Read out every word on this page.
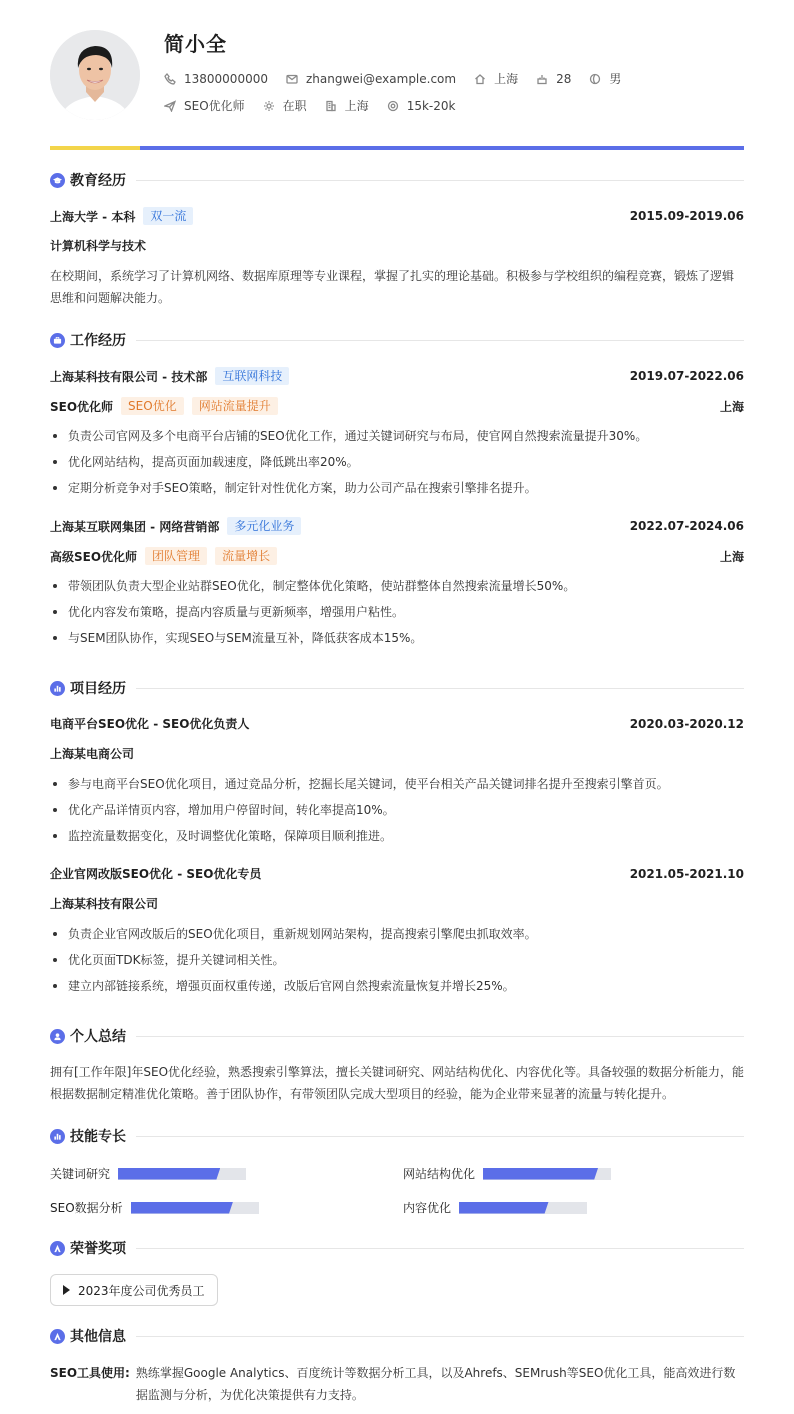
简小全
13800000000	zhangwei@example.com	上海	28	男
SEO优化师	在职	上海	15k-20k
教育经历
上海大学 - 本科	双一流	2015.09-2019.06
计算机科学与技术
在校期间，系统学习了计算机网络、数据库原理等专业课程，掌握了扎实的理论基础。积极参与学校组织的编程竞赛，锻炼了逻辑思维和问题解决能力。
工作经历
上海某科技有限公司 - 技术部	互联网科技	2019.07-2022.06
SEO优化师	SEO优化	网站流量提升	上海
负责公司官网及多个电商平台店铺的SEO优化工作，通过关键词研究与布局，使官网自然搜索流量提升30%。
优化网站结构，提高页面加载速度，降低跳出率20%。
定期分析竞争对手SEO策略，制定针对性优化方案，助力公司产品在搜索引擎排名提升。
上海某互联网集团 - 网络营销部	多元化业务	2022.07-2024.06
高级SEO优化师	团队管理	流量增长	上海
带领团队负责大型企业站群SEO优化，制定整体优化策略，使站群整体自然搜索流量增长50%。
优化内容发布策略，提高内容质量与更新频率，增强用户粘性。
与SEM团队协作，实现SEO与SEM流量互补，降低获客成本15%。
项目经历
电商平台SEO优化 - SEO优化负责人	2020.03-2020.12
上海某电商公司
参与电商平台SEO优化项目，通过竞品分析，挖掘长尾关键词，使平台相关产品关键词排名提升至搜索引擎首页。
优化产品详情页内容，增加用户停留时间，转化率提高10%。
监控流量数据变化，及时调整优化策略，保障项目顺利推进。
企业官网改版SEO优化 - SEO优化专员	2021.05-2021.10
上海某科技有限公司
负责企业官网改版后的SEO优化项目，重新规划网站架构，提高搜索引擎爬虫抓取效率。
优化页面TDK标签，提升关键词相关性。
建立内部链接系统，增强页面权重传递，改版后官网自然搜索流量恢复并增长25%。
个人总结
拥有[工作年限]年SEO优化经验，熟悉搜索引擎算法，擅长关键词研究、网站结构优化、内容优化等。具备较强的数据分析能力，能根据数据制定精准优化策略。善于团队协作，有带领团队完成大型项目的经验，能为企业带来显著的流量与转化提升。
技能专长
关键词研究	网站结构优化
SEO数据分析	内容优化
荣誉奖项
2023年度公司优秀员工
其他信息
SEO工具使用: 熟练掌握Google Analytics、百度统计等数据分析工具，以及Ahrefs、SEMrush等SEO优化工具，能高效进行数据监测与分析，为优化决策提供有力支持。
